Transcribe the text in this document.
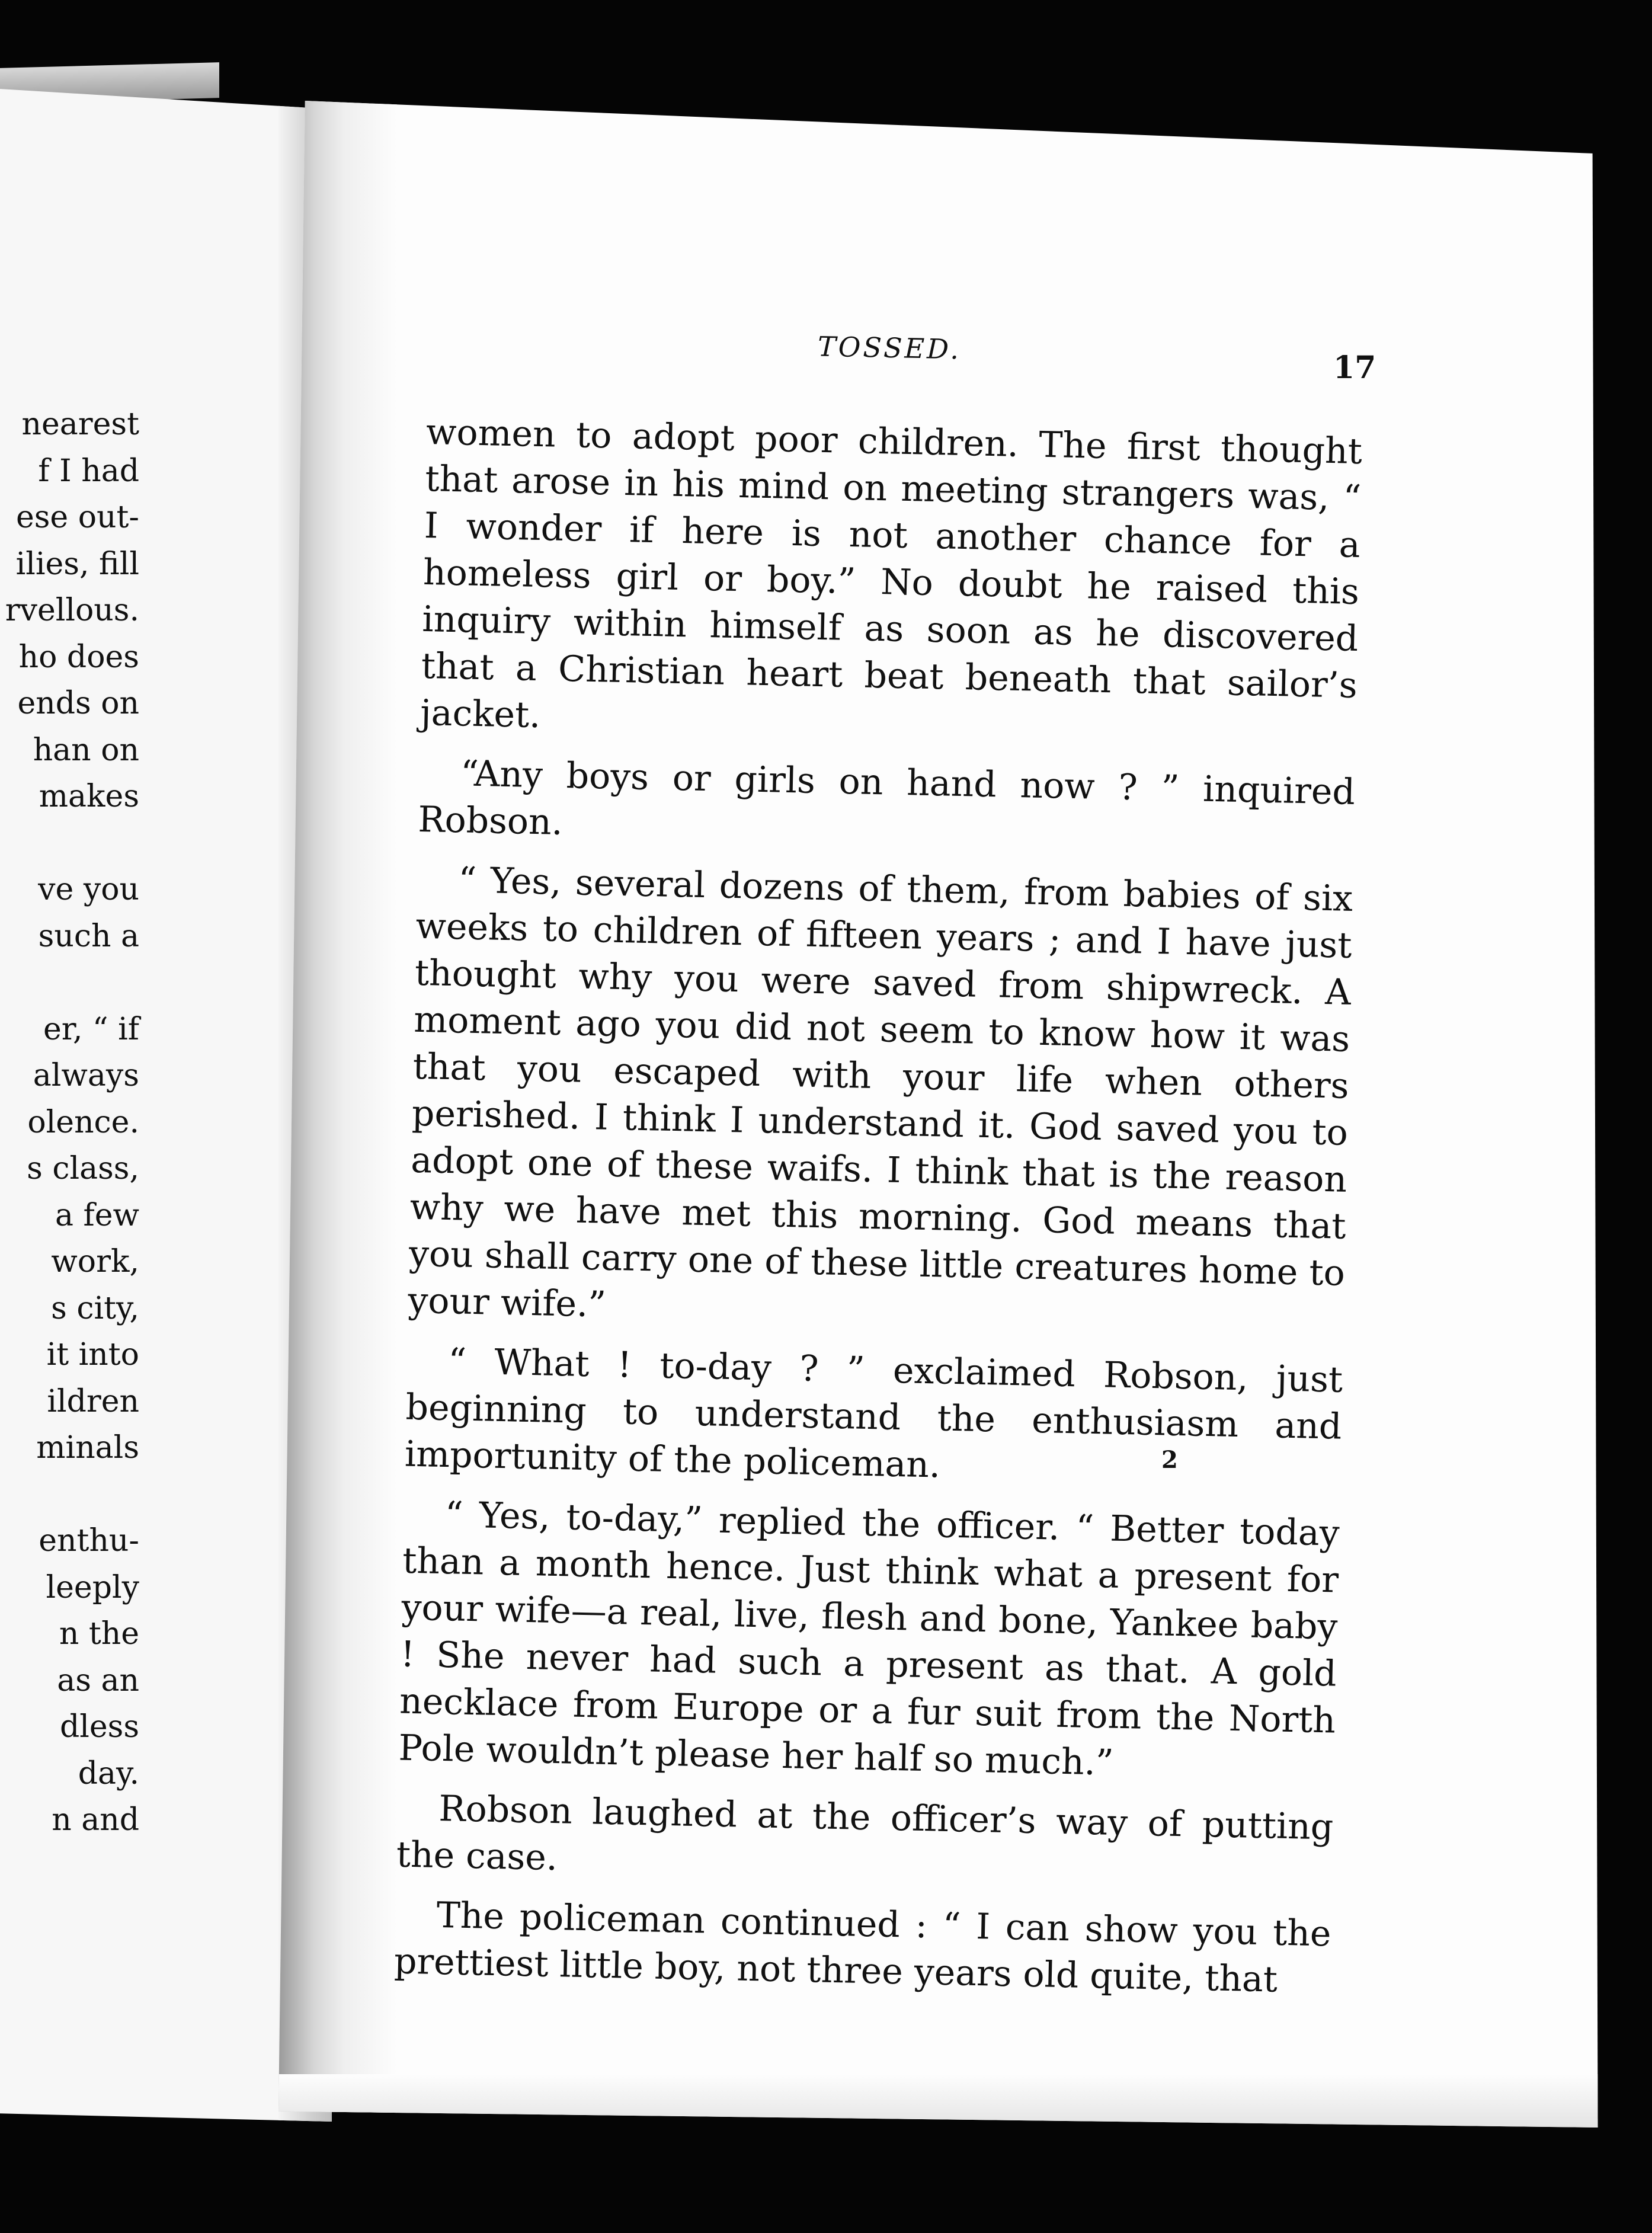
nearest
f I had
ese out-
ilies, fill
rvellous.
ho does
ends on
han on
makes
ve you
such a
er, “ if
always
olence.
s class,
a few
work,
s city,
it into
ildren
minals
enthu-
leeply
n the
as an
dless
day.
n and
TOSSED.
17

women to adopt poor children. The first thought that arose in his mind on meeting strangers was, “ I wonder if here is not another chance for a homeless girl or boy.” No doubt he raised this inquiry within himself as soon as he discovered that a Christian heart beat beneath that sailor’s jacket.

“Any boys or girls on hand now ? ” inquired Robson.

“ Yes, several dozens of them, from babies of six weeks to children of fifteen years ; and I have just thought why you were saved from shipwreck. A moment ago you did not seem to know how it was that you escaped with your life when others perished. I think I understand it. God saved you to adopt one of these waifs. I think that is the reason why we have met this morning. God means that you shall carry one of these little creatures home to your wife.”

“ What ! to-day ? ” exclaimed Robson, just beginning to understand the enthusiasm and importunity of the policeman.

“ Yes, to-day,” replied the officer. “ Better today than a month hence. Just think what a present for your wife—a real, live, flesh and bone, Yankee baby ! She never had such a present as that. A gold necklace from Europe or a fur suit from the North Pole wouldn’t please her half so much.”

Robson laughed at the officer’s way of putting the case.

The policeman continued : “ I can show you the prettiest little boy, not three years old quite, that

2
